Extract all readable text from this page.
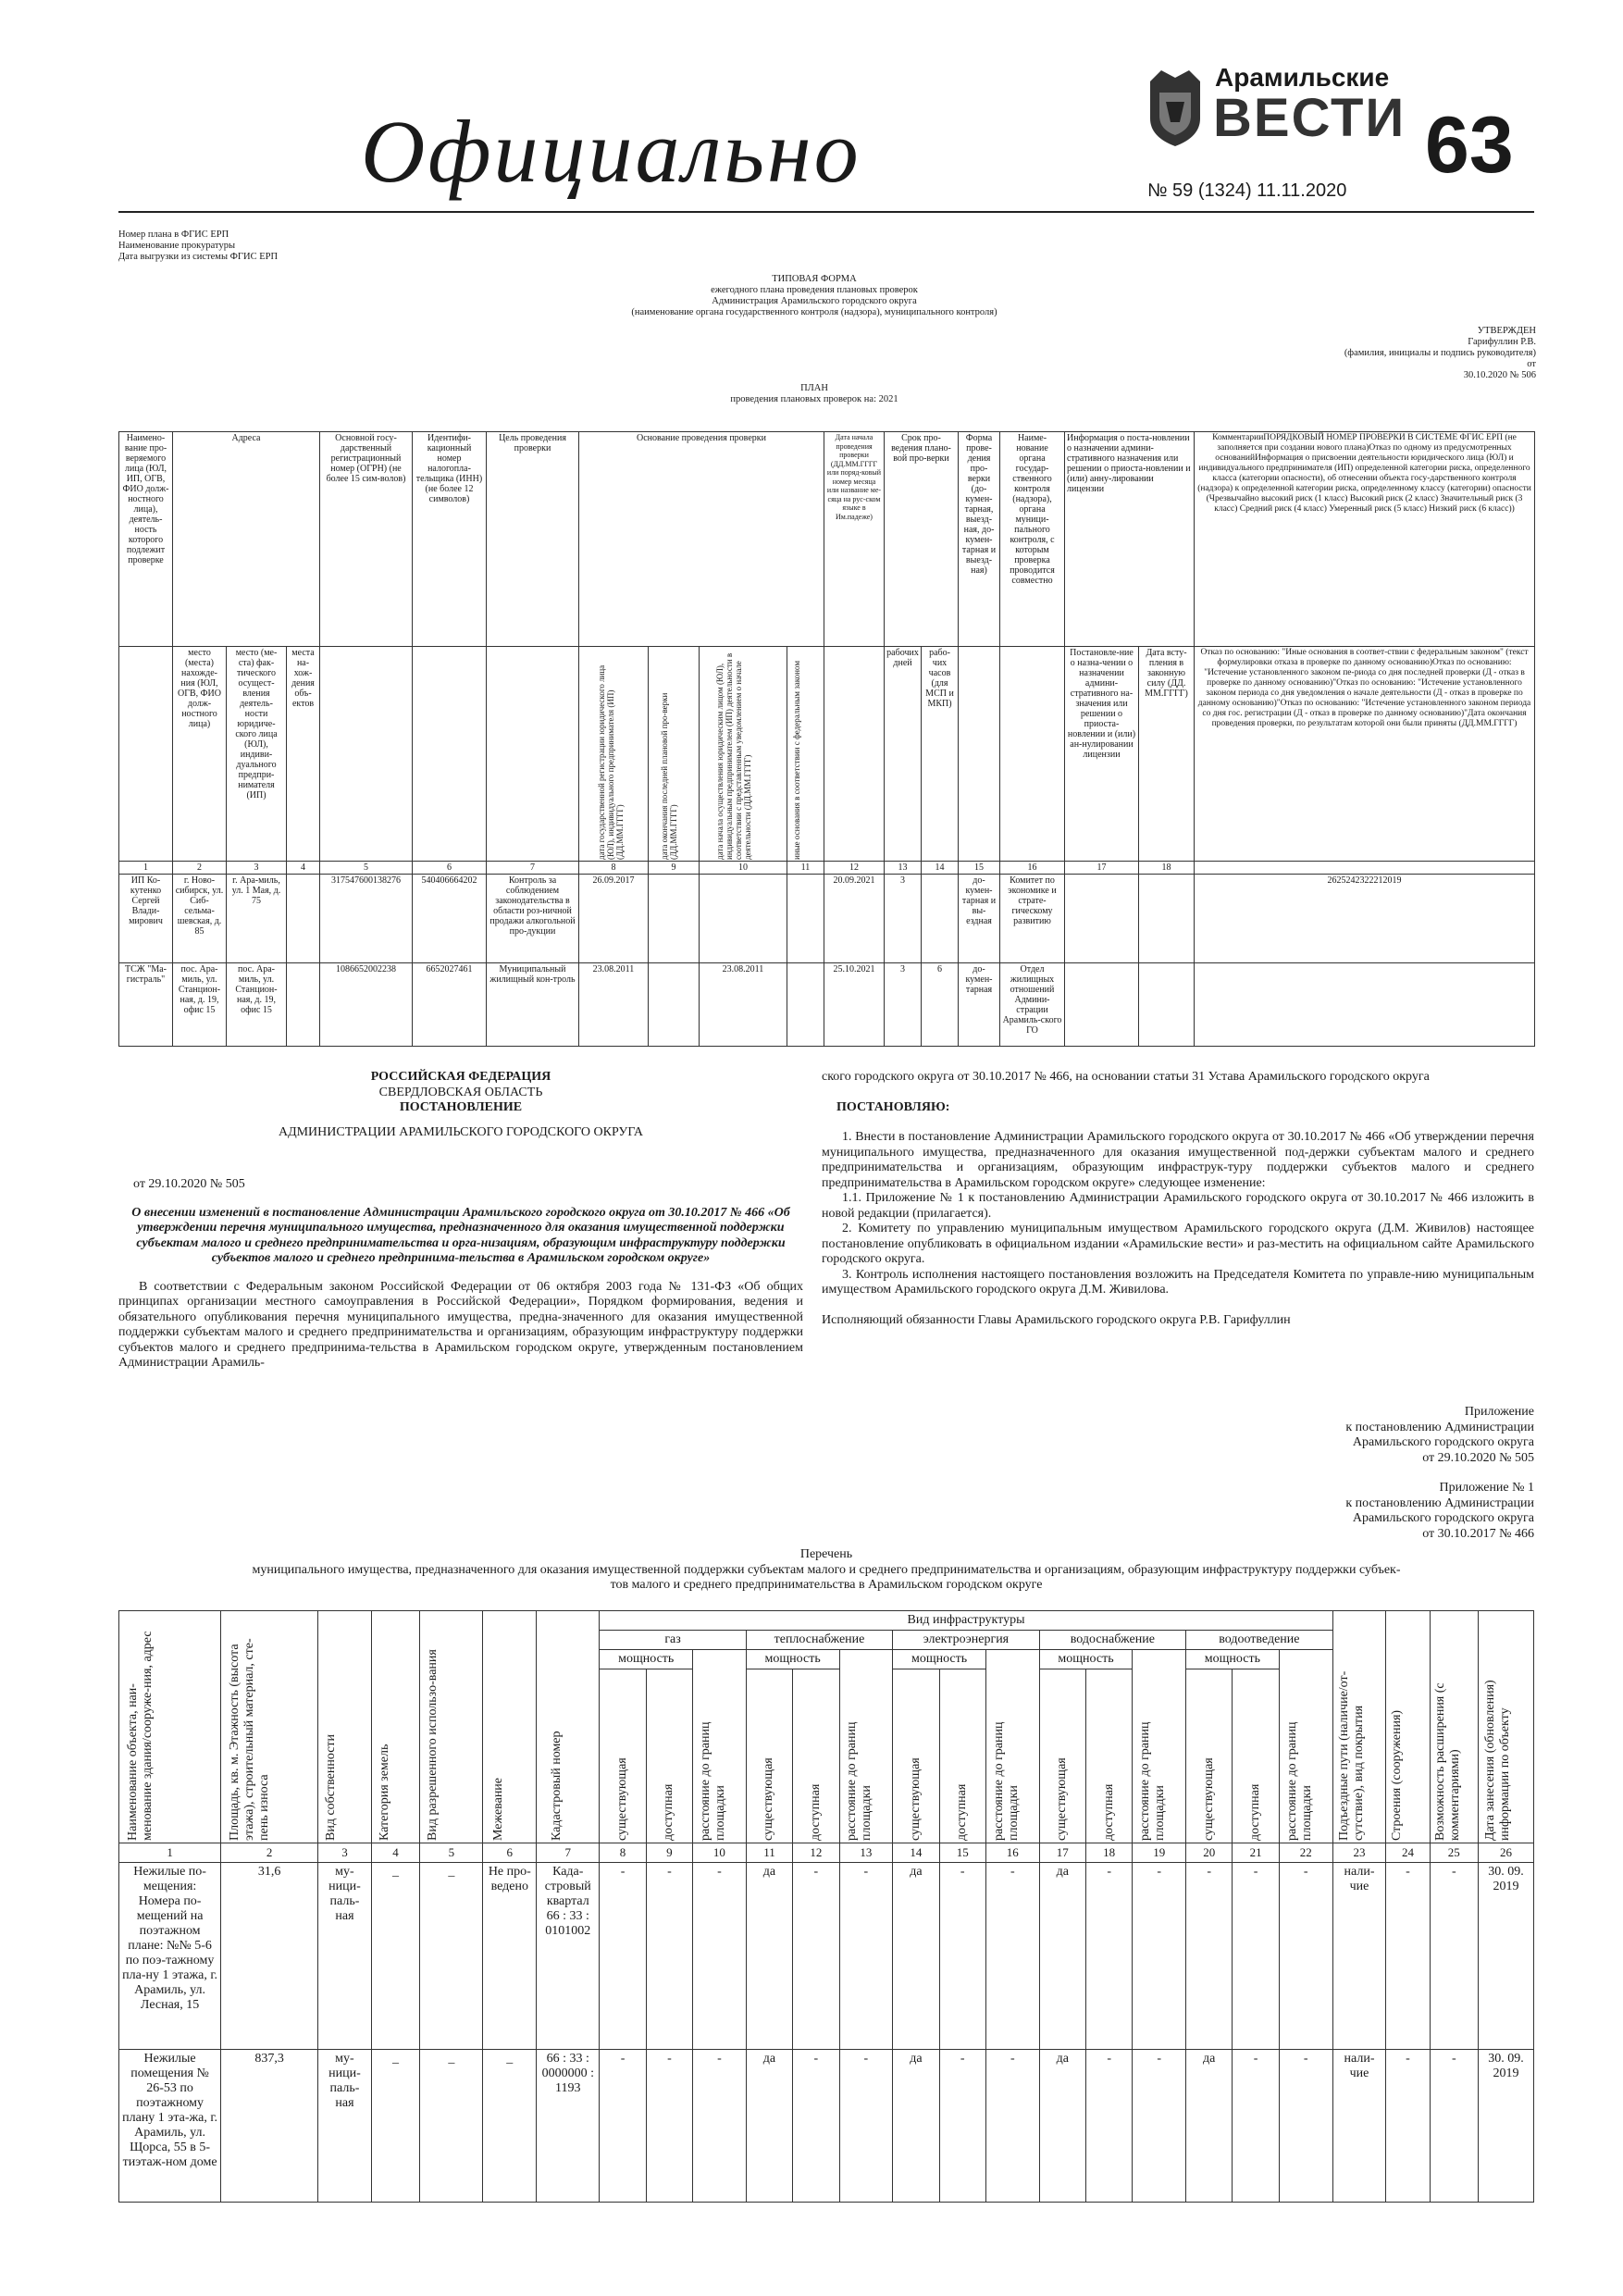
Официально
Арамильские
ВЕСТИ 63
№ 59 (1324) 11.11.2020
Номер плана в ФГИС ЕРП
Наименование прокуратуры
Дата выгрузки из системы ФГИС ЕРП
ТИПОВАЯ ФОРМА
ежегодного плана проведения плановых проверок
Администрация Арамильского городского округа
(наименование органа государственного контроля (надзора), муниципального контроля)
УТВЕРЖДЕН
Гарифуллин Р.В.
(фамилия, инициалы и подпись руководителя)
от
30.10.2020 № 506
ПЛАН
проведения плановых проверок на: 2021
Наимено-вание про-веряемого лица (ЮЛ, ИП, ОГВ, ФИО долж-ностного лица), деятель-ность которого подлежит проверке	Адреса			Основной госу-дарственный регистрационный номер (ОГРН) (не более 15 сим-волов)	Идентифи-кационный номер налогопла-тельщика (ИНН) (не более 12 символов)	Цель проведения проверки	Основание проведения проверки				Дата начала проведения проверки (ДД.ММ.ГГГГ или поряд-ковый номер месяца или название ме-сяца на рус-ском языке в Им.падеже)	Срок про-ведения плано-вой про-верки		Форма прове-дения про-верки (до-кумен-тарная, выезд-ная, до-кумен-тарная и выезд-ная)	Наиме-нование органа государ-ственного контроля (надзора), органа муници-пального контроля, с которым проверка проводится совместно	Информация о поста-новлении о назначении админи-стративного назначения или решении о приоста-новлении и (или) анну-лировании лицензии		КомментарииПОРЯДКОВЫЙ НОМЕР ПРОВЕРКИ В СИСТЕМЕ ФГИС ЕРП (не заполняется при создании нового плана)Отказ по одному из предусмотренных основанийИнформация о присвоении деятельности юридического лица (ЮЛ) и индивидуального предпринимателя (ИП) определенной категории риска, определенного класса (категории опасности), об отнесении объекта госу-дарственного контроля (надзора) к определенной категории риска, определенному классу (категории) опасности (Чрезвычайно высокий риск (1 класс) Высокий риск (2 класс) Значительный риск (3 класс) Средний риск (4 класс) Умеренный риск (5 класс) Низкий риск (6 класс))
	место (места) нахожде-ния (ЮЛ, ОГВ, ФИО долж-ностного лица)	место (ме-ста) фак-тического осущест-вления деятель-ности юридиче-ского лица (ЮЛ), индиви-дуального предпри-нимателя (ИП)	места на-хож-дения объ-ектов				дата государственной регистрации юридического лица (ЮЛ), индивидуального предпринимателя (ИП) (ДД.ММ.ГГГГ)	дата окончания последней плановой про-верки (ДД.ММ.ГГГГ)	дата начала осуществления юридическим лицом (ЮЛ), индивидуальным предпринимателем (ИП) деятельности в соответствии с представленным уведомлением о начале деятельности (ДД.ММ.ГГГГ)	иные основания в соответствии с федеральным законом		рабочих дней	рабо-чих часов (для МСП и МКП)			Постановле-ние о назна-чении о назначении админи-стративного на-значения или решении о приоста-новлении и (или) ан-нулировании лицензии	Дата всту-пления в законную силу (ДД. ММ.ГГГГ)	Отказ по основанию: "Иные основания в соответ-ствии с федеральным законом" (текст формулировки отказа в проверке по данному основанию)Отказ по основанию: "Истечение установленного законом пе-риода со дня последней проверки (Д - отказ в проверке по данному основанию)"Отказ по основанию: "Истечение установленного законом периода со дня уведомления о начале деятельности (Д - отказ в проверке по данному основанию)"Отказ по основанию: "Истечение установленного законом периода со дня гос. регистрации (Д - отказ в проверке по данному основанию)"Дата окончания проведения проверки, по результатам которой они были приняты (ДД.ММ.ГГГГ)
1	2	3	4	5	6	7	8	9	10	11	12	13	14	15	16	17	18	
ИП Ко-кутенко Сергей Влади-мирович	г. Ново-сибирск, ул. Сиб-сельма-шевская, д. 85	г. Ара-миль, ул. 1 Мая, д. 75		317547600138276	540406664202	Контроль за соблюдением законодательства в области роз-ничной продажи алкогольной про-дукции	26.09.2017				20.09.2021	3		до-кумен-тарная и вы-ездная	Комитет по экономике и страте-гическому развитию			2625242322212019
ТСЖ "Ма-гистраль"	пос. Ара-миль, ул. Станцион-ная, д. 19, офис 15	пос. Ара-миль, ул. Станцион-ная, д. 19, офис 15		1086652002238	6652027461	Муниципальный жилищный кон-троль	23.08.2011		23.08.2011		25.10.2021	3	6	до-кумен-тарная	Отдел жилищных отношений Админи-страции Арамиль-ского ГО			
РОССИЙСКАЯ ФЕДЕРАЦИЯ
СВЕРДЛОВСКАЯ ОБЛАСТЬ
ПОСТАНОВЛЕНИЕ
АДМИНИСТРАЦИИ АРАМИЛЬСКОГО ГОРОДСКОГО ОКРУГА
от 29.10.2020 № 505
О внесении изменений в постановление Администрации Арамильского городского округа от 30.10.2017 № 466 «Об утверждении перечня муниципального имущества, предназначенного для оказания имущественной поддержки субъектам малого и среднего предпринимательства и орга-низациям, образующим инфраструктуру поддержки субъектов малого и среднего предпринима-тельства в Арамильском городском округе»

В соответствии с Федеральным законом Российской Федерации от 06 октября 2003 года № 131-ФЗ «Об общих принципах организации местного самоуправления в Российской Федерации», Порядком формирования, ведения и обязательного опубликования перечня муниципального имущества, предна-значенного для оказания имущественной поддержки субъектам малого и среднего предпринимательства и организациям, образующим инфраструктуру поддержки субъектов малого и среднего предпринима-тельства в Арамильском городском округе, утвержденным постановлением Администрации Арамиль-

ского городского округа от 30.10.2017 № 466, на основании статьи 31 Устава Арамильского городского округа

ПОСТАНОВЛЯЮ:

1. Внести в постановление Администрации Арамильского городского округа от 30.10.2017 № 466 «Об утверждении перечня муниципального имущества, предназначенного для оказания имущественной под-держки субъектам малого и среднего предпринимательства и организациям, образующим инфраструк-туру поддержки субъектов малого и среднего предпринимательства в Арамильском городском округе» следующее изменение:

1.1. Приложение № 1 к постановлению Администрации Арамильского городского округа от 30.10.2017 № 466 изложить в новой редакции (прилагается).

2. Комитету по управлению муниципальным имуществом Арамильского городского округа (Д.М. Живилов) настоящее постановление опубликовать в официальном издании «Арамильские вести» и раз-местить на официальном сайте Арамильского городского округа.

3. Контроль исполнения настоящего постановления возложить на Председателя Комитета по управле-нию муниципальным имуществом Арамильского городского округа Д.М. Живилова.

Исполняющий обязанности Главы Арамильского городского округа Р.В. Гарифуллин
Приложение
к постановлению Администрации
Арамильского городского округа
от 29.10.2020 № 505
Приложение № 1
к постановлению Администрации
Арамильского городского округа
от 30.10.2017 № 466
Перечень
муниципального имущества, предназначенного для оказания имущественной поддержки субъектам малого и среднего предпринимательства и организациям, образующим инфраструктуру поддержки субъек-
тов малого и среднего предпринимательства в Арамильском городском округе
Наименование объекта, наи-менование здания/сооруже-ния, адрес	Площадь, кв. м. Этажность (высота этажа), строительный материал, сте-пень износа	Вид собственности	Категория земель	Вид разрешенного использо-вания	Межевание	Кадастровый номер	Вид инфраструктуры															Подъездные пути (наличие/от-сутствие), вид покрытия	Строения (сооружения)	Возможность расширения (с комментариями)	Дата занесения (обновления) информации по объекту

							газ			теплоснабжение			электроэнергия			водоснабжение			водоотведение						
							мощность		расстояние до границ площадки	мощность		расстояние до границ площадки	мощность		расстояние до границ площадки	мощность		расстояние до границ площадки	мощность		расстояние до границ площадки				

							существующая	доступная		существующая	доступная		существующая	доступная		существующая	доступная		существующая	доступная					

1	2	3	4	5	6	7	8	9	10	11	12	13	14	15	16	17	18	19	20	21	22	23	24	25	26
Нежилые по-мещения: Номера по-мещений на поэтажном плане: №№ 5-6 по поэ-тажному пла-ну 1 этажа, г. Арамиль, ул. Лесная, 15	31,6	му-ници-паль-ная	_	_	Не про-ведено	Када-стровый квартал 66 : 33 : 0101002	-	-	-	да	-	-	да	-	-	да	-	-	-	-	-	нали-чие	-	-	30. 09. 2019
Нежилые помещения № 26-53 по поэтажному плану 1 эта-жа, г. Арамиль, ул. Щорса, 55 в 5-тиэтаж-ном доме	837,3	му-ници-паль-ная	_	_	_	66 : 33 : 0000000 : 1193	-	-	-	да	-	-	да	-	-	да	-	-	да	-	-	нали-чие	-	-	30. 09. 2019
